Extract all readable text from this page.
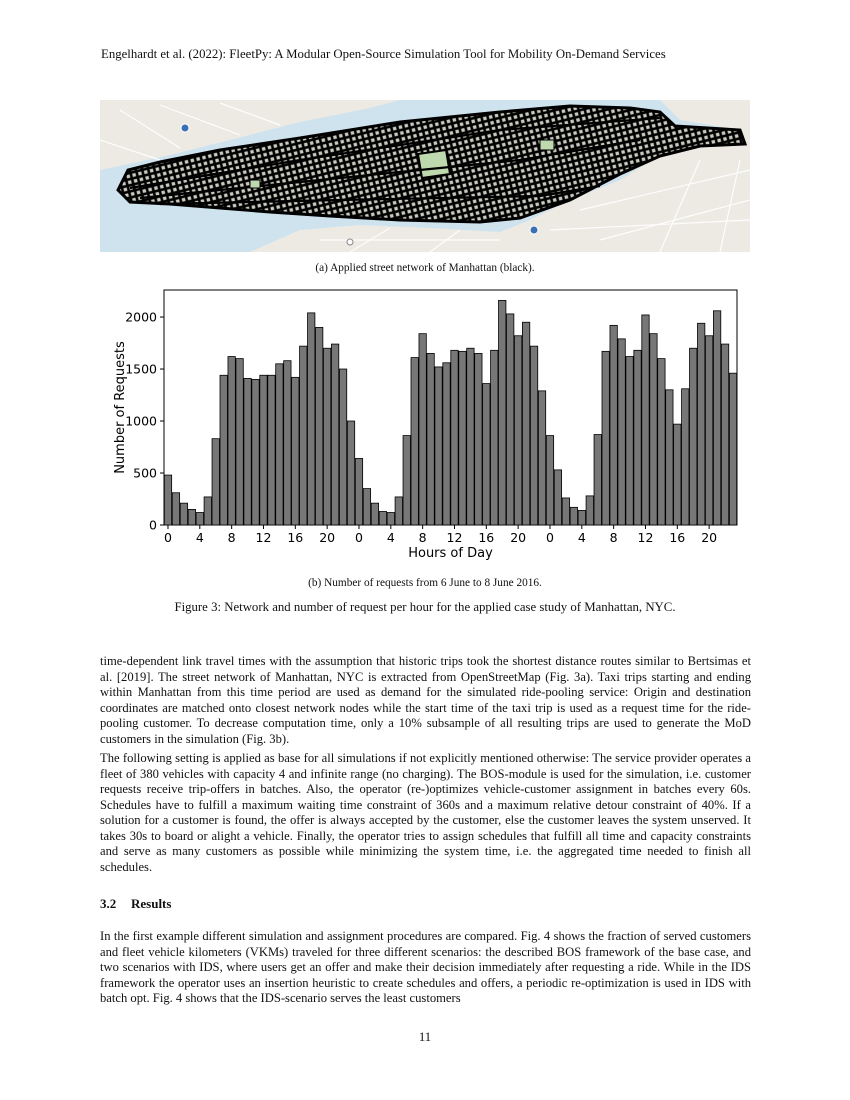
Engelhardt et al. (2022): FleetPy: A Modular Open-Source Simulation Tool for Mobility On-Demand Services
(a) Applied street network of Manhattan (black).
0
500
1000
1500
2000
0 4 8 12 16 20 0 4 8 12 16 20 0 4 8 12 16 20
Hours of Day
Number of Requests
(b) Number of requests from 6 June to 8 June 2016.
Figure 3: Network and number of request per hour for the applied case study of Manhattan, NYC.

time-dependent link travel times with the assumption that historic trips took the shortest distance routes similar to Bertsimas et al. [2019]. The street network of Manhattan, NYC is extracted from OpenStreetMap (Fig. 3a). Taxi trips starting and ending within Manhattan from this time period are used as demand for the simulated ride-pooling service: Origin and destination coordinates are matched onto closest network nodes while the start time of the taxi trip is used as a request time for the ride-pooling customer. To decrease computation time, only a 10% subsample of all resulting trips are used to generate the MoD customers in the simulation (Fig. 3b).

The following setting is applied as base for all simulations if not explicitly mentioned otherwise: The service provider operates a fleet of 380 vehicles with capacity 4 and infinite range (no charging). The BOS-module is used for the simulation, i.e. customer requests receive trip-offers in batches. Also, the operator (re-)optimizes vehicle-customer assignment in batches every 60s. Schedules have to fulfill a maximum waiting time constraint of 360s and a maximum relative detour constraint of 40%. If a solution for a customer is found, the offer is always accepted by the customer, else the customer leaves the system unserved. It takes 30s to board or alight a vehicle. Finally, the operator tries to assign schedules that fulfill all time and capacity constraints and serve as many customers as possible while minimizing the system time, i.e. the aggregated time needed to finish all schedules.

3.2 Results

In the first example different simulation and assignment procedures are compared. Fig. 4 shows the fraction of served customers and fleet vehicle kilometers (VKMs) traveled for three different scenarios: the described BOS framework of the base case, and two scenarios with IDS, where users get an offer and make their decision immediately after requesting a ride. While in the IDS framework the operator uses an insertion heuristic to create schedules and offers, a periodic re-optimization is used in IDS with batch opt. Fig. 4 shows that the IDS-scenario serves the least customers

11
